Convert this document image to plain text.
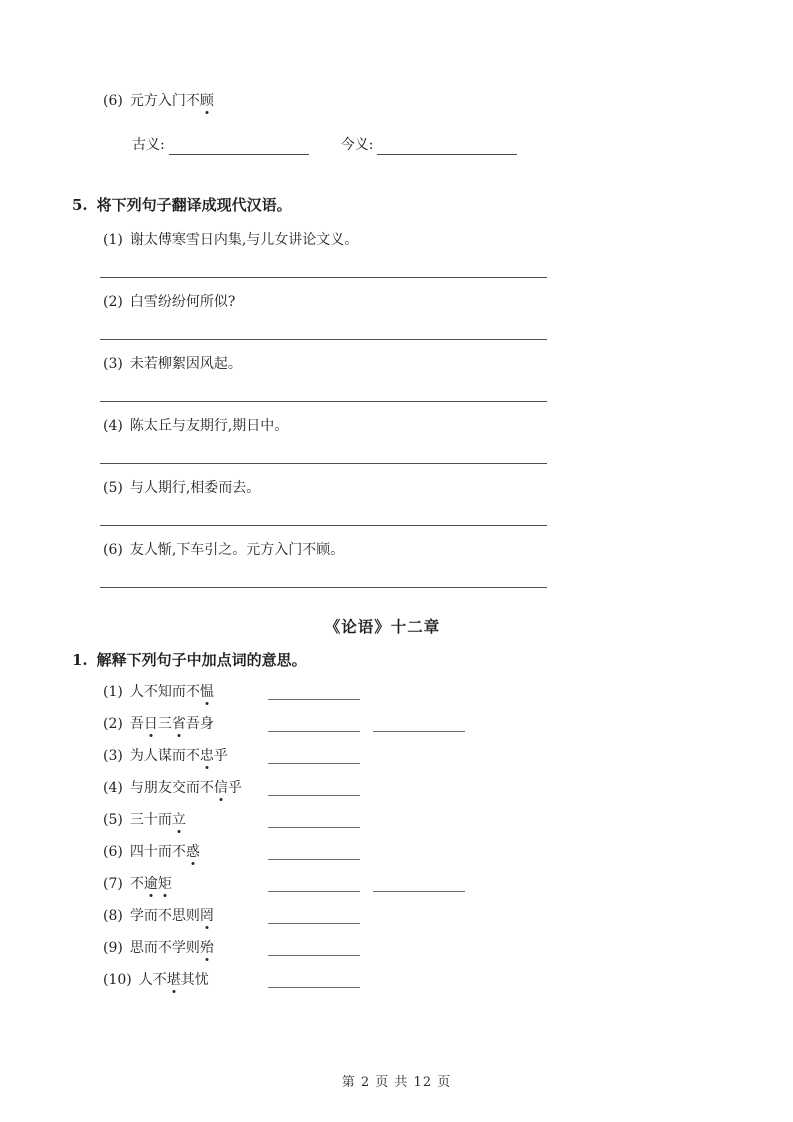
(6) 元方入门不顾
古义:	今义:
5. 将下列句子翻译成现代汉语。
(1) 谢太傅寒雪日内集,与儿女讲论文义。
(2) 白雪纷纷何所似?
(3) 未若柳絮因风起。
(4) 陈太丘与友期行,期日中。
(5) 与人期行,相委而去。
(6) 友人惭,下车引之。元方入门不顾。
《论语》十二章
1. 解释下列句子中加点词的意思。
(1) 人不知而不愠
(2) 吾日三省吾身
(3) 为人谋而不忠乎
(4) 与朋友交而不信乎
(5) 三十而立
(6) 四十而不惑
(7) 不逾矩
(8) 学而不思则罔
(9) 思而不学则殆
(10) 人不堪其忧
第 2 页 共 12 页
